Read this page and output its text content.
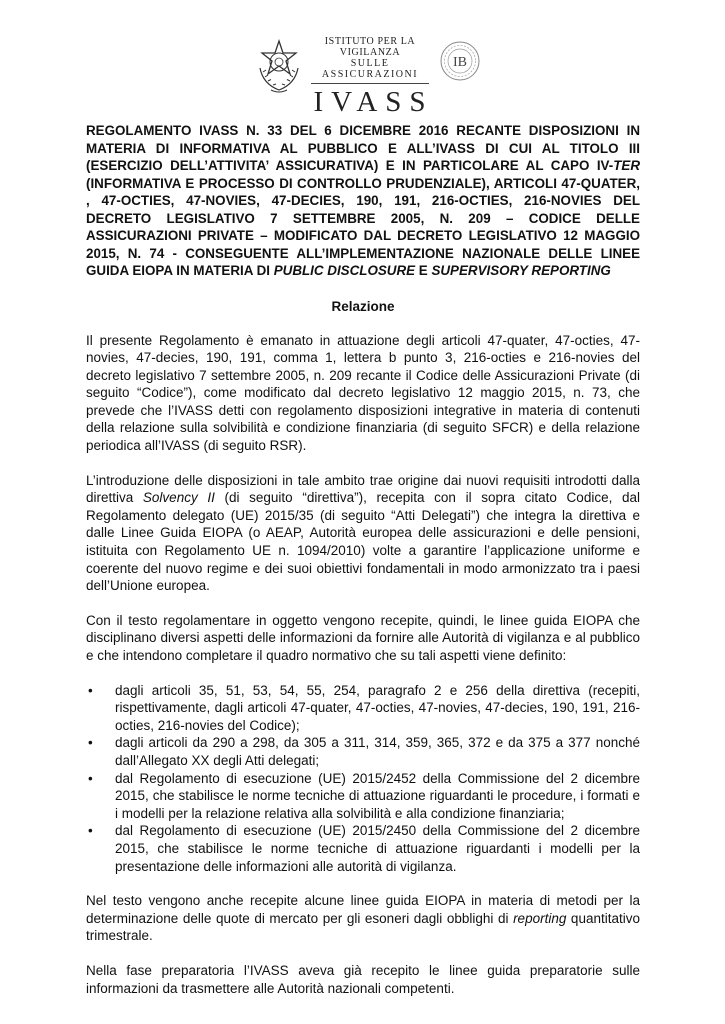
ISTITUTO PER LA VIGILANZA
SULLE ASSICURAZIONI
IVASS
IB

REGOLAMENTO IVASS N. 33 DEL 6 DICEMBRE 2016 RECANTE DISPOSIZIONI IN MATERIA DI INFORMATIVA AL PUBBLICO E ALL’IVASS DI CUI AL TITOLO III (ESERCIZIO DELL’ATTIVITA’ ASSICURATIVA) E IN PARTICOLARE AL CAPO IV-TER (INFORMATIVA E PROCESSO DI CONTROLLO PRUDENZIALE), ARTICOLI 47-QUATER, , 47-OCTIES, 47-NOVIES, 47-DECIES, 190, 191, 216-OCTIES, 216-NOVIES DEL DECRETO LEGISLATIVO 7 SETTEMBRE 2005, N. 209 – CODICE DELLE ASSICURAZIONI PRIVATE – MODIFICATO DAL DECRETO LEGISLATIVO 12 MAGGIO 2015, N. 74 - CONSEGUENTE ALL’IMPLEMENTAZIONE NAZIONALE DELLE LINEE GUIDA EIOPA IN MATERIA DI PUBLIC DISCLOSURE E SUPERVISORY REPORTING

Relazione

Il presente Regolamento è emanato in attuazione degli articoli 47-quater, 47-octies, 47-novies, 47-decies, 190, 191, comma 1, lettera b punto 3, 216-octies e 216-novies del decreto legislativo 7 settembre 2005, n. 209 recante il Codice delle Assicurazioni Private (di seguito “Codice”), come modificato dal decreto legislativo 12 maggio 2015, n. 73, che prevede che l’IVASS detti con regolamento disposizioni integrative in materia di contenuti della relazione sulla solvibilità e condizione finanziaria (di seguito SFCR) e della relazione periodica all’IVASS (di seguito RSR).

L’introduzione delle disposizioni in tale ambito trae origine dai nuovi requisiti introdotti dalla direttiva Solvency II (di seguito “direttiva”), recepita con il sopra citato Codice, dal Regolamento delegato (UE) 2015/35 (di seguito “Atti Delegati”) che integra la direttiva e dalle Linee Guida EIOPA (o AEAP, Autorità europea delle assicurazioni e delle pensioni, istituita con Regolamento UE n. 1094/2010) volte a garantire l’applicazione uniforme e coerente del nuovo regime e dei suoi obiettivi fondamentali in modo armonizzato tra i paesi dell’Unione europea.

Con il testo regolamentare in oggetto vengono recepite, quindi, le linee guida EIOPA che disciplinano diversi aspetti delle informazioni da fornire alle Autorità di vigilanza e al pubblico e che intendono completare il quadro normativo che su tali aspetti viene definito:

• dagli articoli 35, 51, 53, 54, 55, 254, paragrafo 2 e 256 della direttiva (recepiti, rispettivamente, dagli articoli 47-quater, 47-octies, 47-novies, 47-decies, 190, 191, 216-octies, 216-novies del Codice);
• dagli articoli da 290 a 298, da 305 a 311, 314, 359, 365, 372 e da 375 a 377 nonché dall’Allegato XX degli Atti delegati;
• dal Regolamento di esecuzione (UE) 2015/2452 della Commissione del 2 dicembre 2015, che stabilisce le norme tecniche di attuazione riguardanti le procedure, i formati e i modelli per la relazione relativa alla solvibilità e alla condizione finanziaria;
• dal Regolamento di esecuzione (UE) 2015/2450 della Commissione del 2 dicembre 2015, che stabilisce le norme tecniche di attuazione riguardanti i modelli per la presentazione delle informazioni alle autorità di vigilanza.

Nel testo vengono anche recepite alcune linee guida EIOPA in materia di metodi per la determinazione delle quote di mercato per gli esoneri dagli obblighi di reporting quantitativo trimestrale.

Nella fase preparatoria l’IVASS aveva già recepito le linee guida preparatorie sulle informazioni da trasmettere alle Autorità nazionali competenti.
